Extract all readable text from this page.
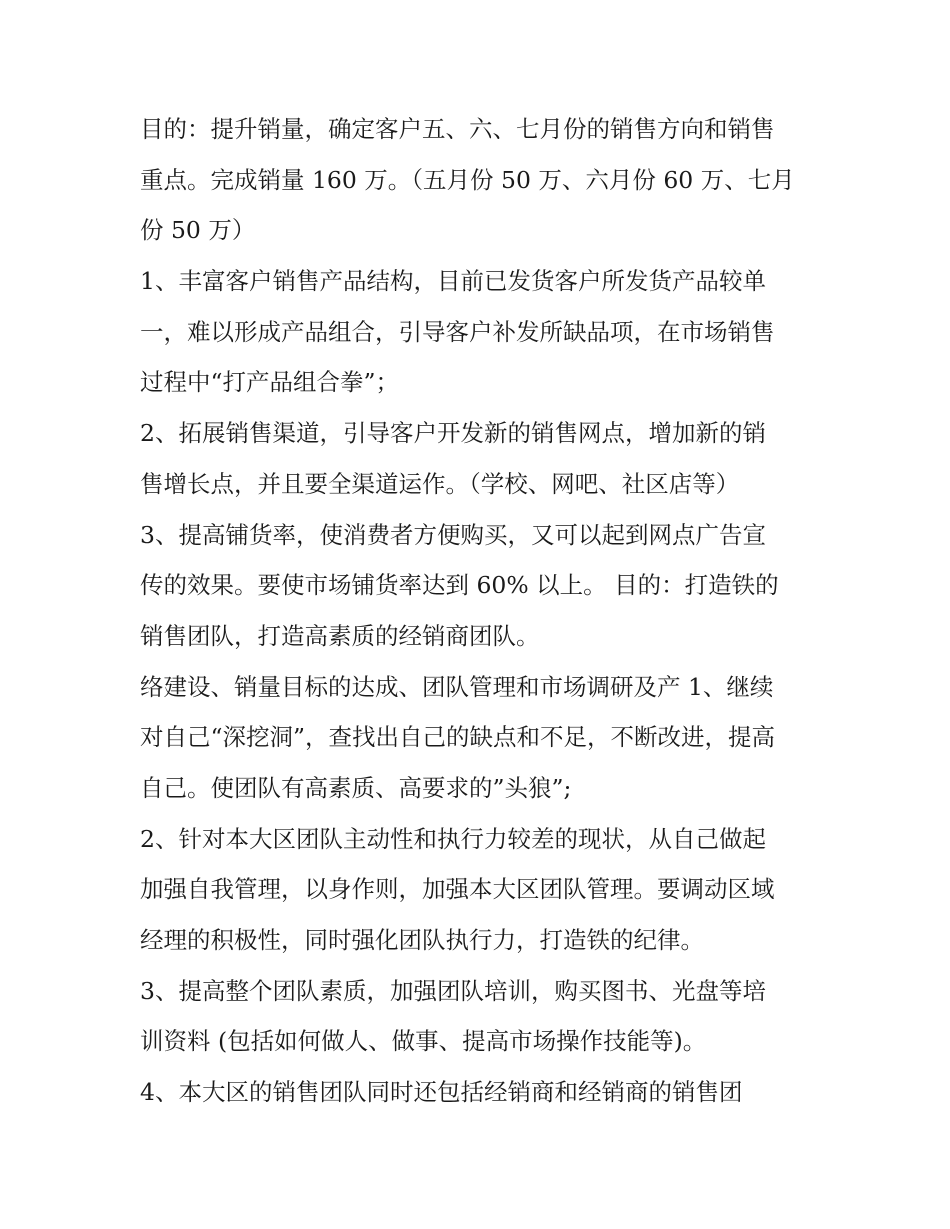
目的：提升销量，确定客户五、六、七月份的销售方向和销售
重点。完成销量 160 万。（五月份 50 万、六月份 60 万、七月
份 50 万）

1、丰富客户销售产品结构，目前已发货客户所发货产品较单
一，难以形成产品组合，引导客户补发所缺品项，在市场销售
过程中“打产品组合拳”；

2、拓展销售渠道，引导客户开发新的销售网点，增加新的销
售增长点，并且要全渠道运作。（学校、网吧、社区店等）

3、提高铺货率，使消费者方便购买，又可以起到网点广告宣
传的效果。要使市场铺货率达到 60% 以上。 目的：打造铁的
销售团队，打造高素质的经销商团队。

络建设、销量目标的达成、团队管理和市场调研及产 1、继续
对自己“深挖洞”，查找出自己的缺点和不足，不断改进，提高
自己。使团队有高素质、高要求的”头狼”;

2、针对本大区团队主动性和执行力较差的现状，从自己做起
加强自我管理，以身作则，加强本大区团队管理。要调动区域
经理的积极性，同时强化团队执行力，打造铁的纪律。

3、提高整个团队素质，加强团队培训，购买图书、光盘等培
训资料 (包括如何做人、做事、提高市场操作技能等)。

4、本大区的销售团队同时还包括经销商和经销商的销售团
